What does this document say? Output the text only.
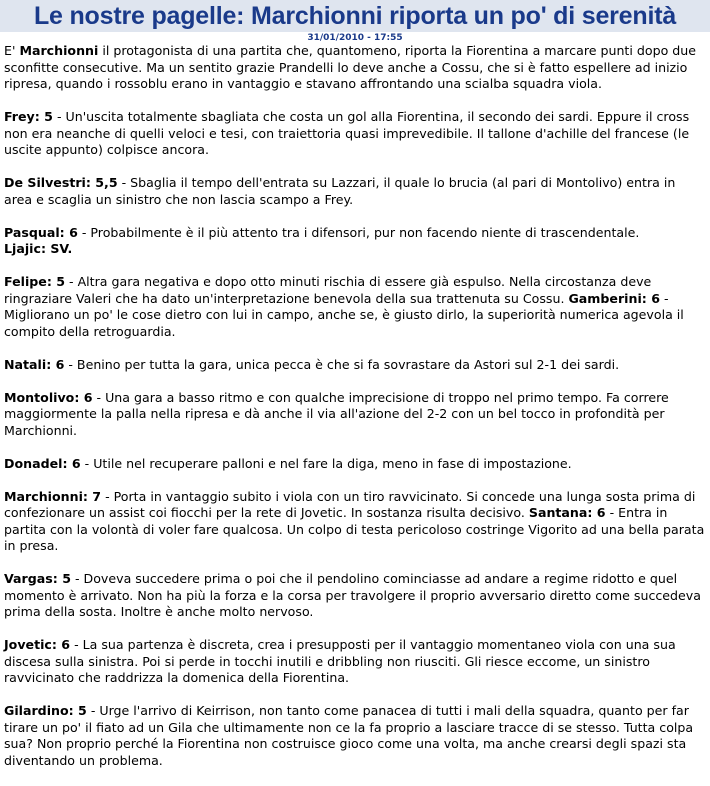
Le nostre pagelle: Marchionni riporta un po' di serenità
31/01/2010 - 17:55

E' Marchionni il protagonista di una partita che, quantomeno, riporta la Fiorentina a marcare punti dopo due sconfitte consecutive. Ma un sentito grazie Prandelli lo deve anche a Cossu, che si è fatto espellere ad inizio ripresa, quando i rossoblu erano in vantaggio e stavano affrontando una scialba squadra viola.

Frey: 5 - Un'uscita totalmente sbagliata che costa un gol alla Fiorentina, il secondo dei sardi. Eppure il cross non era neanche di quelli veloci e tesi, con traiettoria quasi imprevedibile. Il tallone d'achille del francese (le uscite appunto) colpisce ancora.

De Silvestri: 5,5 - Sbaglia il tempo dell'entrata su Lazzari, il quale lo brucia (al pari di Montolivo) entra in area e scaglia un sinistro che non lascia scampo a Frey.

Pasqual: 6 - Probabilmente è il più attento tra i difensori, pur non facendo niente di trascendentale.

Ljajic: SV.

Felipe: 5 - Altra gara negativa e dopo otto minuti rischia di essere già espulso. Nella circostanza deve ringraziare Valeri che ha dato un'interpretazione benevola della sua trattenuta su Cossu. Gamberini: 6 - Migliorano un po' le cose dietro con lui in campo, anche se, è giusto dirlo, la superiorità numerica agevola il compito della retroguardia.

Natali: 6 - Benino per tutta la gara, unica pecca è che si fa sovrastare da Astori sul 2-1 dei sardi.

Montolivo: 6 - Una gara a basso ritmo e con qualche imprecisione di troppo nel primo tempo. Fa correre maggiormente la palla nella ripresa e dà anche il via all'azione del 2-2 con un bel tocco in profondità per Marchionni.

Donadel: 6 - Utile nel recuperare palloni e nel fare la diga, meno in fase di impostazione.

Marchionni: 7 - Porta in vantaggio subito i viola con un tiro ravvicinato. Si concede una lunga sosta prima di confezionare un assist coi fiocchi per la rete di Jovetic. In sostanza risulta decisivo. Santana: 6 - Entra in partita con la volontà di voler fare qualcosa. Un colpo di testa pericoloso costringe Vigorito ad una bella parata in presa.

Vargas: 5 - Doveva succedere prima o poi che il pendolino cominciasse ad andare a regime ridotto e quel momento è arrivato. Non ha più la forza e la corsa per travolgere il proprio avversario diretto come succedeva prima della sosta. Inoltre è anche molto nervoso.

Jovetic: 6 - La sua partenza è discreta, crea i presupposti per il vantaggio momentaneo viola con una sua discesa sulla sinistra. Poi si perde in tocchi inutili e dribbling non riusciti. Gli riesce eccome, un sinistro ravvicinato che raddrizza la domenica della Fiorentina.

Gilardino: 5 - Urge l'arrivo di Keirrison, non tanto come panacea di tutti i mali della squadra, quanto per far tirare un po' il fiato ad un Gila che ultimamente non ce la fa proprio a lasciare tracce di se stesso. Tutta colpa sua? Non proprio perché la Fiorentina non costruisce gioco come una volta, ma anche crearsi degli spazi sta diventando un problema.
